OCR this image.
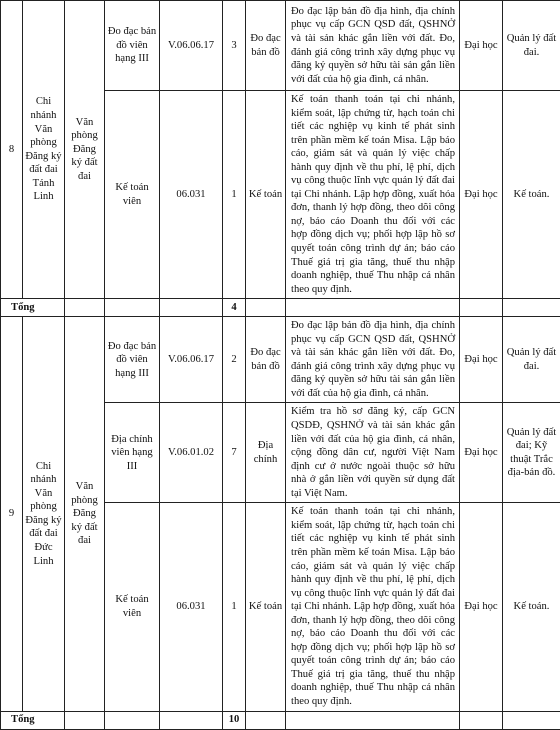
8	Chi nhánh Văn phòng Đăng ký đất đai Tánh Linh	Văn phòng Đăng ký đất đai	Đo đạc bản đồ viên hạng III	V.06.06.17	3	Đo đạc bản đồ	Đo đạc lập bản đồ địa hình, địa chính phục vụ cấp GCN QSD đất, QSHNỞ và tài sản khác gắn liền với đất. Đo, đánh giá công trình xây dựng phục vụ đăng ký quyền sở hữu tài sản gắn liền với đất của hộ gia đình, cá nhân.	Đại học	Quản lý đất đai.
			Kế toán viên	06.031	1	Kế toán	Kế toán thanh toán tại chi nhánh, kiểm soát, lập chứng từ, hạch toán chi tiết các nghiệp vụ kinh tế phát sinh trên phần mềm kế toán Misa. Lập báo cáo, giám sát và quản lý việc chấp hành quy định về thu phí, lệ phí, dịch vụ công thuộc lĩnh vực quản lý đất đai tại Chi nhánh. Lập hợp đồng, xuất hóa đơn, thanh lý hợp đồng, theo dõi công nợ, báo cáo Doanh thu đối với các hợp đồng dịch vụ; phối hợp lập hồ sơ quyết toán công trình dự án; báo cáo Thuế giá trị gia tăng, thuế thu nhập doanh nghiệp, thuế Thu nhập cá nhân theo quy định.	Đại học	Kế toán.
Tổng					4				
9	Chi nhánh Văn phòng Đăng ký đất đai Đức Linh	Văn phòng Đăng ký đất đai	Đo đạc bản đồ viên hạng III	V.06.06.17	2	Đo đạc bản đồ	Đo đạc lập bản đồ địa hình, địa chính phục vụ cấp GCN QSD đất, QSHNỞ và tài sản khác gắn liền với đất. Đo, đánh giá công trình xây dựng phục vụ đăng ký quyền sở hữu tài sản gắn liền với đất của hộ gia đình, cá nhân.	Đại học	Quản lý đất đai.
			Địa chính viên hạng III	V.06.01.02	7	Địa chính	Kiểm tra hồ sơ đăng ký, cấp GCN QSDĐ, QSHNỞ và tài sản khác gắn liền với đất của hộ gia đình, cá nhân, cộng đồng dân cư, người Việt Nam định cư ở nước ngoài thuộc sở hữu nhà ở gắn liền với quyền sử dụng đất tại Việt Nam.	Đại học	Quản lý đất đai; Kỹ thuật Trắc địa-bản đồ.
			Kế toán viên	06.031	1	Kế toán	Kế toán thanh toán tại chi nhánh, kiểm soát, lập chứng từ, hạch toán chi tiết các nghiệp vụ kinh tế phát sinh trên phần mềm kế toán Misa. Lập báo cáo, giám sát và quản lý việc chấp hành quy định về thu phí, lệ phí, dịch vụ công thuộc lĩnh vực quản lý đất đai tại Chi nhánh. Lập hợp đồng, xuất hóa đơn, thanh lý hợp đồng, theo dõi công nợ, báo cáo Doanh thu đối với các hợp đồng dịch vụ; phối hợp lập hồ sơ quyết toán công trình dự án; báo cáo Thuế giá trị gia tăng, thuế thu nhập doanh nghiệp, thuế Thu nhập cá nhân theo quy định.	Đại học	Kế toán.
Tổng					10				
